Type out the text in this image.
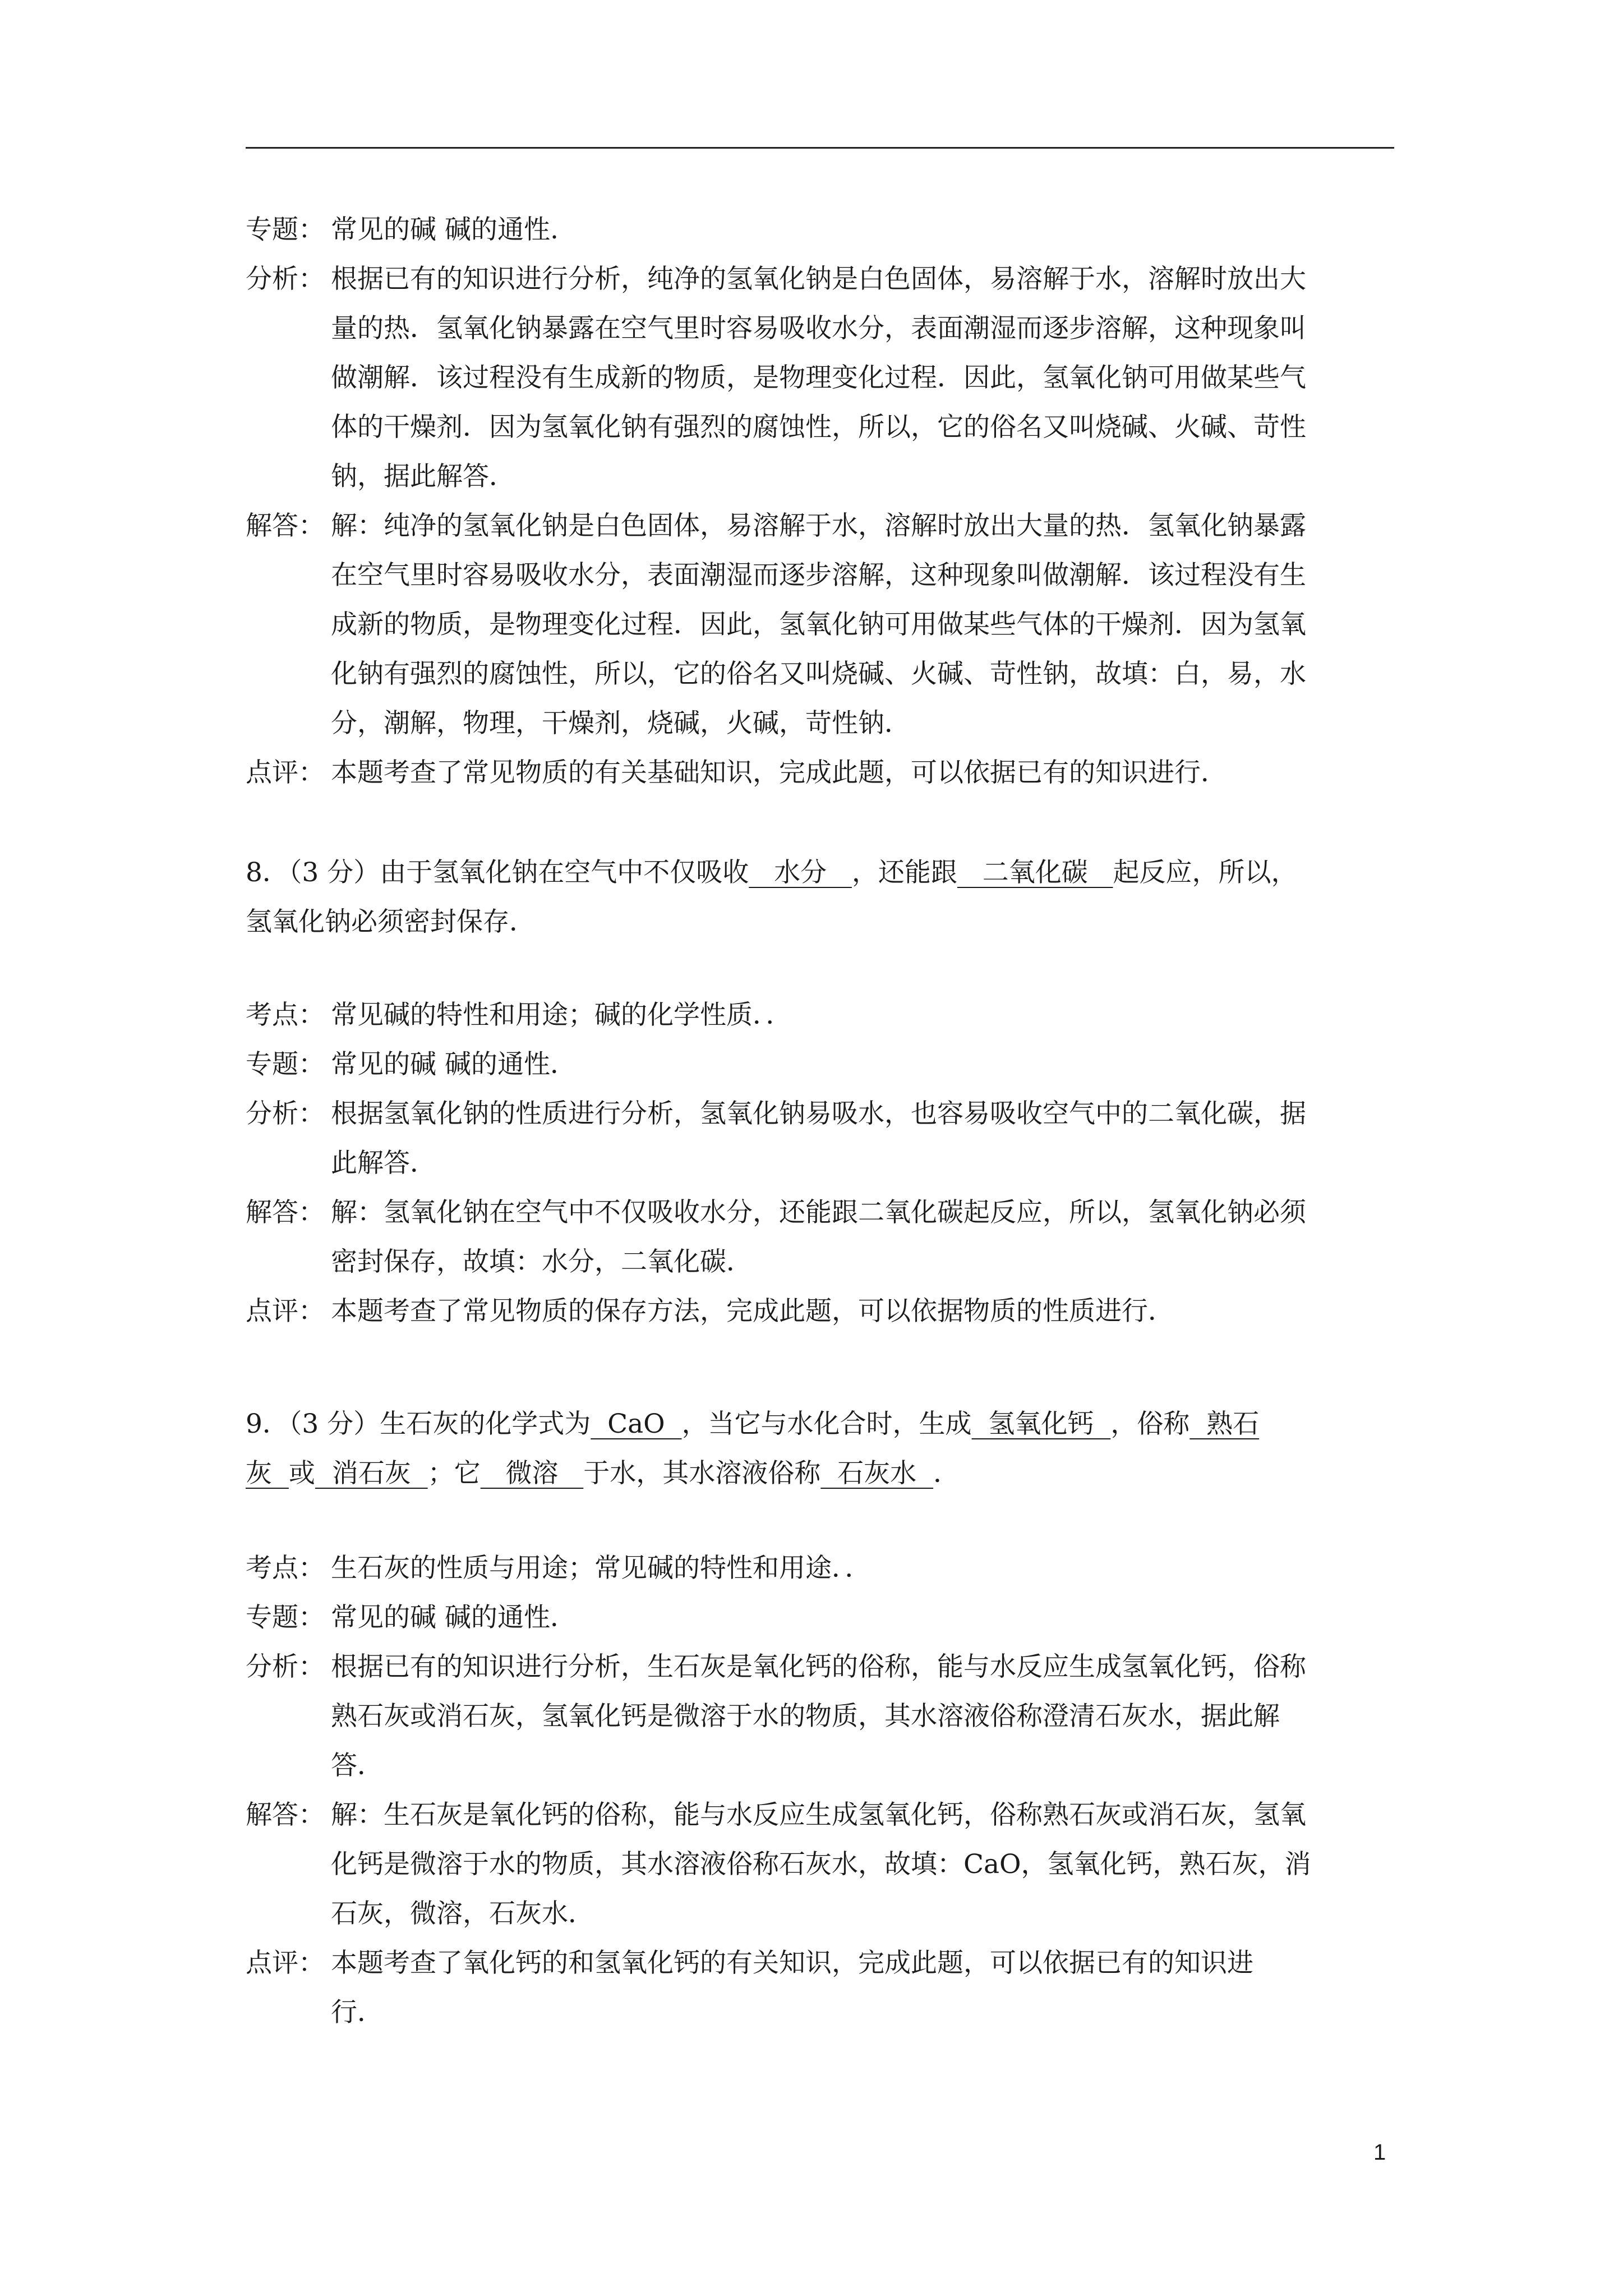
专题： 常见的碱 碱的通性.
分析： 根据已有的知识进行分析，纯净的氢氧化钠是白色固体，易溶解于水，溶解时放出大
量的热．氢氧化钠暴露在空气里时容易吸收水分，表面潮湿而逐步溶解，这种现象叫
做潮解．该过程没有生成新的物质，是物理变化过程．因此，氢氧化钠可用做某些气
体的干燥剂．因为氢氧化钠有强烈的腐蚀性，所以，它的俗名又叫烧碱、火碱、苛性
钠，据此解答．
解答： 解：纯净的氢氧化钠是白色固体，易溶解于水，溶解时放出大量的热．氢氧化钠暴露
在空气里时容易吸收水分，表面潮湿而逐步溶解，这种现象叫做潮解．该过程没有生
成新的物质，是物理变化过程．因此，氢氧化钠可用做某些气体的干燥剂．因为氢氧
化钠有强烈的腐蚀性，所以，它的俗名又叫烧碱、火碱、苛性钠，故填：白，易，水
分，潮解，物理，干燥剂，烧碱，火碱，苛性钠．
点评： 本题考查了常见物质的有关基础知识，完成此题，可以依据已有的知识进行．
8．（3 分）由于氢氧化钠在空气中不仅吸收   水分   ，还能跟   二氧化碳   起反应，所以，
氢氧化钠必须密封保存．
考点： 常见碱的特性和用途；碱的化学性质．．
专题： 常见的碱 碱的通性．
分析： 根据氢氧化钠的性质进行分析，氢氧化钠易吸水，也容易吸收空气中的二氧化碳，据
此解答．
解答： 解：氢氧化钠在空气中不仅吸收水分，还能跟二氧化碳起反应，所以，氢氧化钠必须
密封保存，故填：水分，二氧化碳．
点评： 本题考查了常见物质的保存方法，完成此题，可以依据物质的性质进行．
9．（3 分）生石灰的化学式为  CaO  ，当它与水化合时，生成  氢氧化钙  ，俗称  熟石
灰  或  消石灰  ；它   微溶   于水，其水溶液俗称  石灰水  ．
考点： 生石灰的性质与用途；常见碱的特性和用途．．
专题： 常见的碱 碱的通性．
分析： 根据已有的知识进行分析，生石灰是氧化钙的俗称，能与水反应生成氢氧化钙，俗称
熟石灰或消石灰，氢氧化钙是微溶于水的物质，其水溶液俗称澄清石灰水，据此解
答．
解答： 解：生石灰是氧化钙的俗称，能与水反应生成氢氧化钙，俗称熟石灰或消石灰，氢氧
化钙是微溶于水的物质，其水溶液俗称石灰水，故填：CaO，氢氧化钙，熟石灰，消
石灰，微溶，石灰水．
点评： 本题考查了氧化钙的和氢氧化钙的有关知识，完成此题，可以依据已有的知识进
行．
1
